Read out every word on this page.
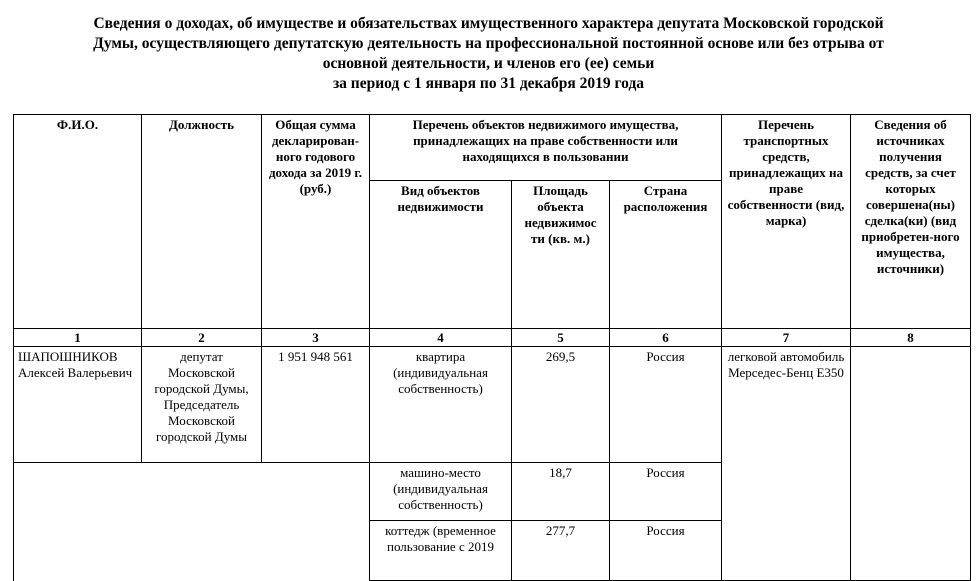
Сведения о доходах, об имуществе и обязательствах имущественного характера депутата Московской городской
Думы, осуществляющего депутатскую деятельность на профессиональной постоянной основе или без отрыва от
основной деятельности, и членов его (ее) семьи
за период с 1 января по 31 декабря 2019 года
Ф.И.О.	Должность	Общая сумма декларирован-ного годового дохода за 2019 г. (руб.)	Перечень объектов недвижимого имущества, принадлежащих на праве собственности или находящихся в пользовании			Перечень транспортных средств, принадлежащих на праве собственности (вид, марка)	Сведения об источниках получения средств, за счет которых совершена(ны) сделка(ки) (вид приобретен-ного имущества, источники)
			Вид объектов недвижимости	Площадь объекта недвижимос ти (кв. м.)	Страна расположения		
1	2	3	4	5	6	7	8

ШАПОШНИКОВ
Алексей Валерьевич	депутат Московской городской Думы, Председатель Московской городской Думы	1 951 948 561	квартира (индивидуальная собственность)	269,5	Россия	легковой автомобиль Мерседес-Бенц E350	
			машино-место (индивидуальная собственность)	18,7	Россия		
			коттедж (временное пользование с 2019	277,7	Россия		
